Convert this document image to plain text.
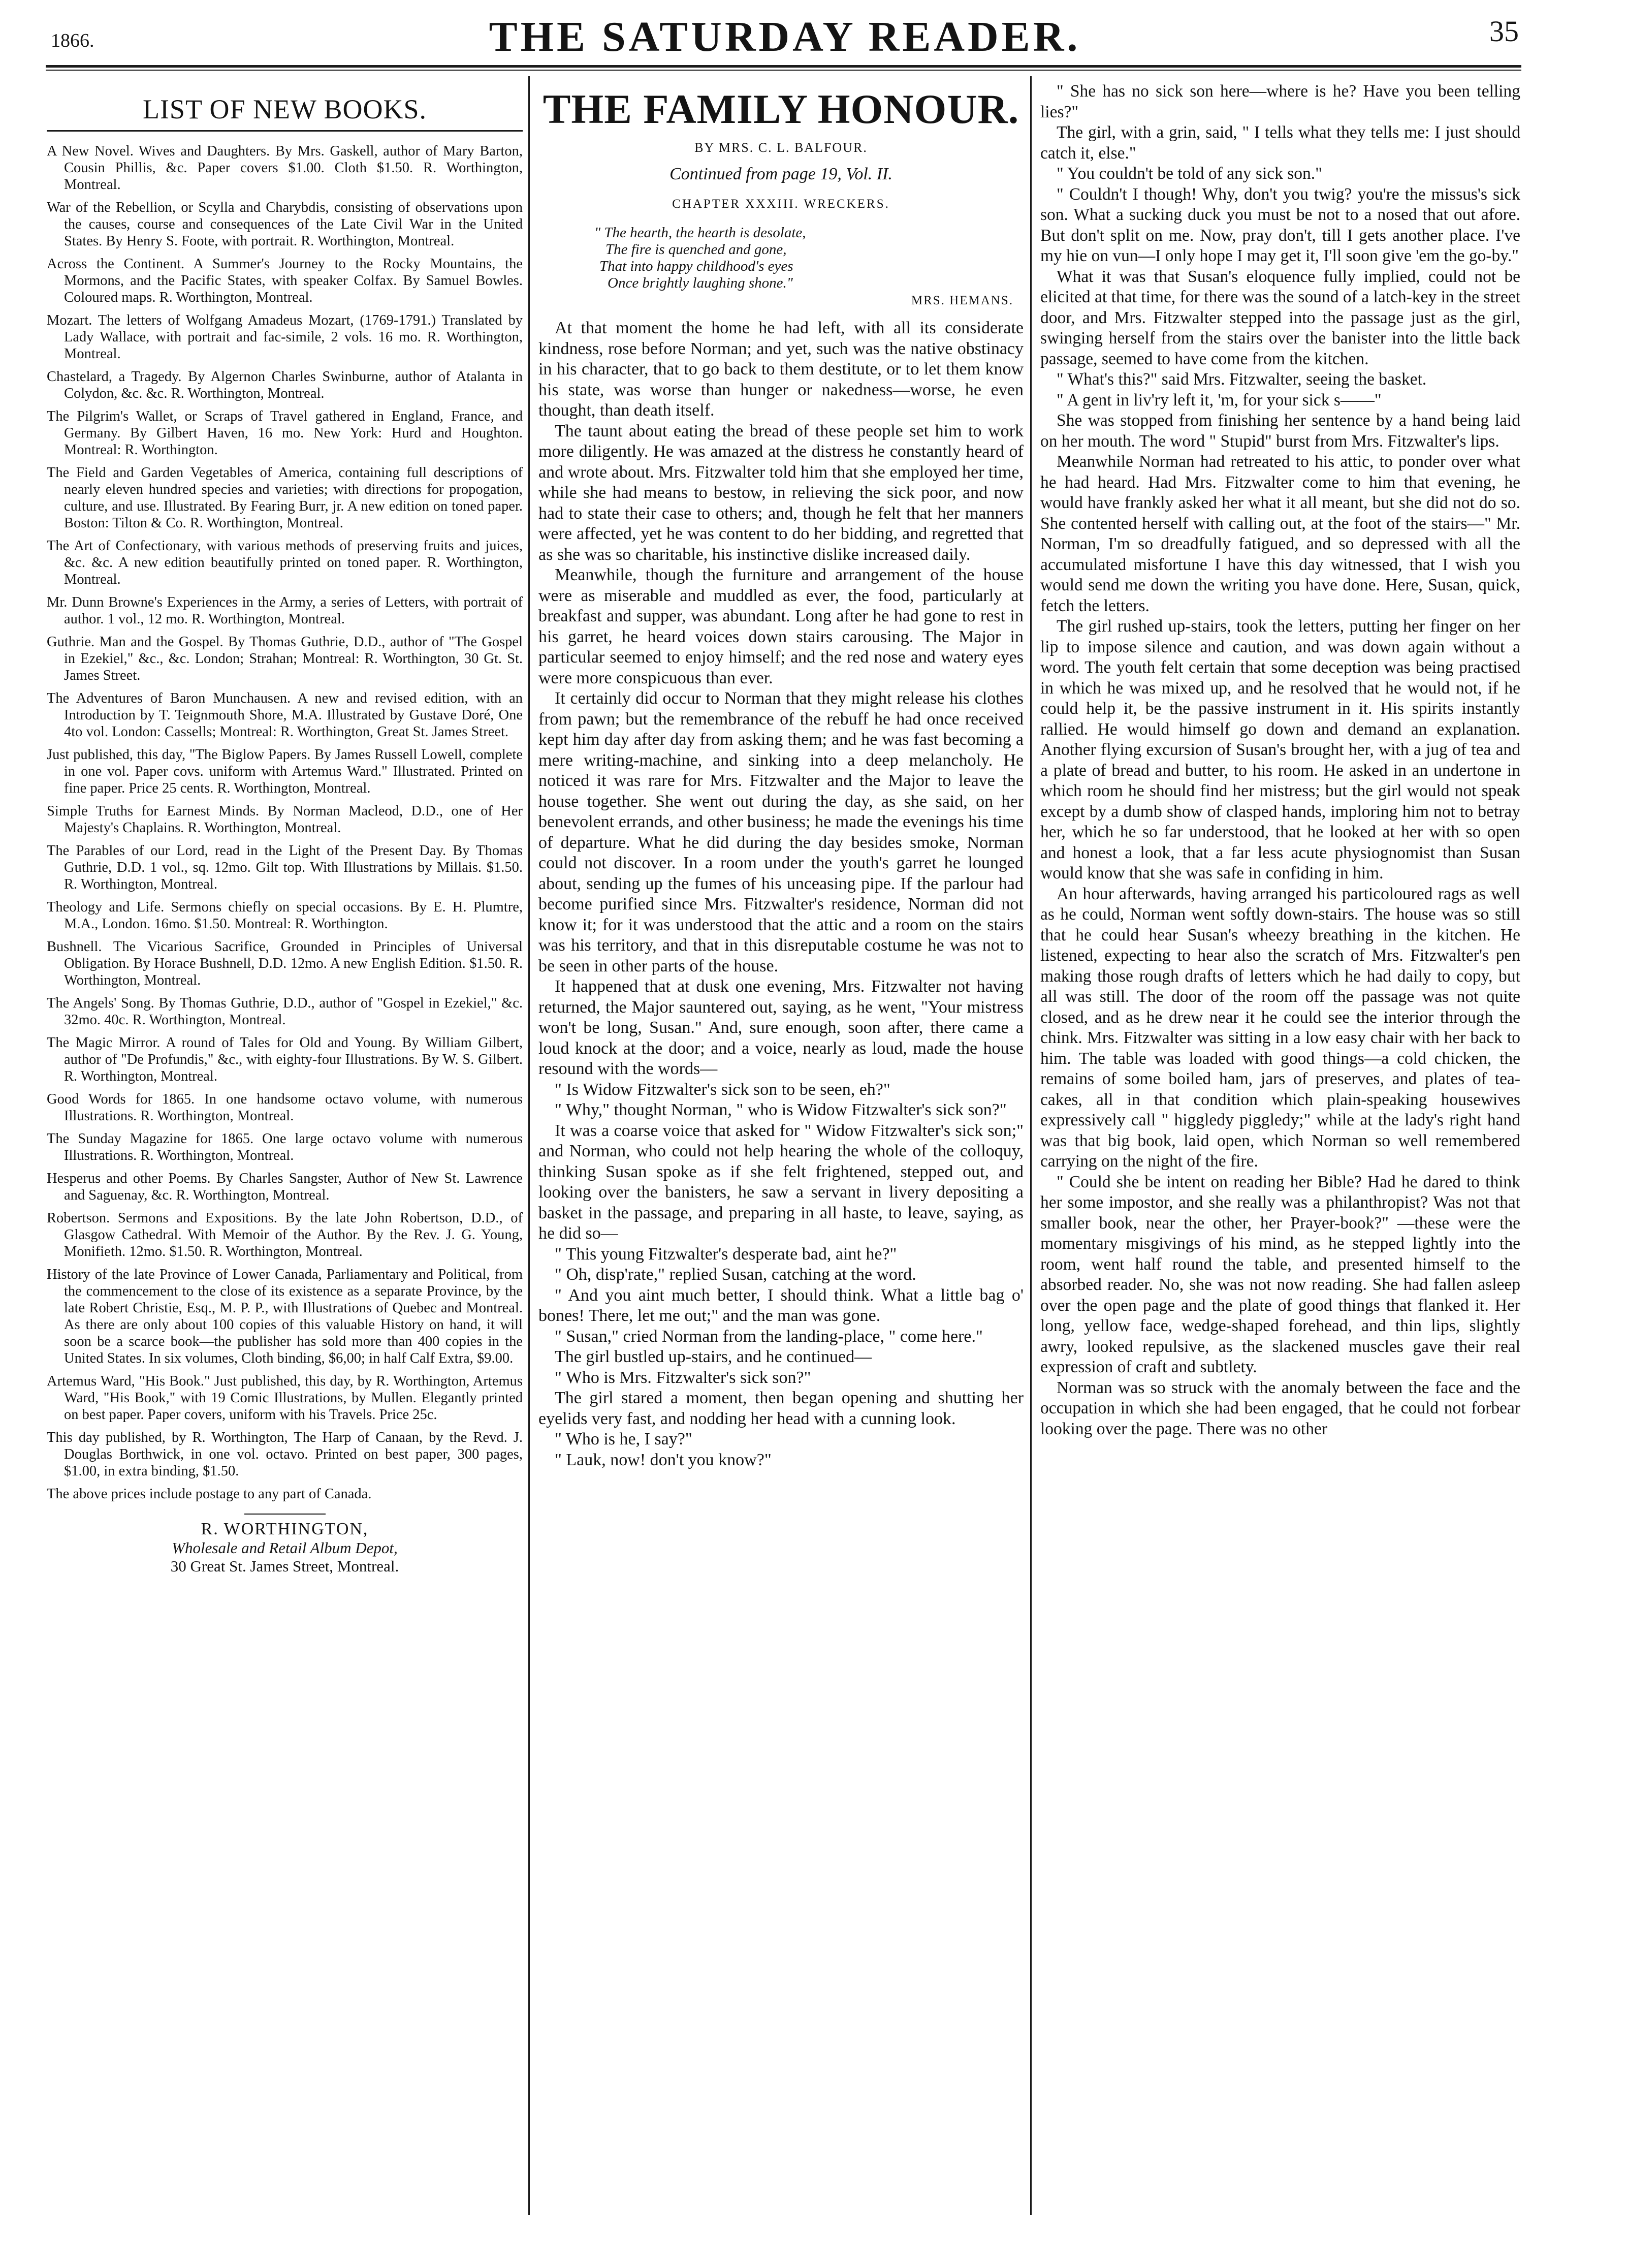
1866.	THE SATURDAY READER.	35
LIST OF NEW BOOKS.

A New Novel. Wives and Daughters. By Mrs. Gaskell, author of Mary Barton, Cousin Phillis, &c. Paper covers $1.00. Cloth $1.50. R. Worthington, Montreal.

War of the Rebellion, or Scylla and Charybdis, consisting of observations upon the causes, course and consequences of the Late Civil War in the United States. By Henry S. Foote, with portrait. R. Worthington, Montreal.

Across the Continent. A Summer's Journey to the Rocky Mountains, the Mormons, and the Pacific States, with speaker Colfax. By Samuel Bowles. Coloured maps. R. Worthington, Montreal.

Mozart. The letters of Wolfgang Amadeus Mozart, (1769-1791.) Translated by Lady Wallace, with portrait and fac-simile, 2 vols. 16 mo. R. Worthington, Montreal.

Chastelard, a Tragedy. By Algernon Charles Swinburne, author of Atalanta in Colydon, &c. &c. R. Worthington, Montreal.

The Pilgrim's Wallet, or Scraps of Travel gathered in England, France, and Germany. By Gilbert Haven, 16 mo. New York: Hurd and Houghton. Montreal: R. Worthington.

The Field and Garden Vegetables of America, containing full descriptions of nearly eleven hundred species and varieties; with directions for propogation, culture, and use. Illustrated. By Fearing Burr, jr. A new edition on toned paper. Boston: Tilton & Co. R. Worthington, Montreal.

The Art of Confectionary, with various methods of preserving fruits and juices, &c. &c. A new edition beautifully printed on toned paper. R. Worthington, Montreal.

Mr. Dunn Browne's Experiences in the Army, a series of Letters, with portrait of author. 1 vol., 12 mo. R. Worthington, Montreal.

Guthrie. Man and the Gospel. By Thomas Guthrie, D.D., author of "The Gospel in Ezekiel," &c., &c. London; Strahan; Montreal: R. Worthington, 30 Gt. St. James Street.

The Adventures of Baron Munchausen. A new and revised edition, with an Introduction by T. Teignmouth Shore, M.A. Illustrated by Gustave Doré, One 4to vol. London: Cassells; Montreal: R. Worthington, Great St. James Street.

Just published, this day, "The Biglow Papers. By James Russell Lowell, complete in one vol. Paper covs. uniform with Artemus Ward." Illustrated. Printed on fine paper. Price 25 cents. R. Worthington, Montreal.

Simple Truths for Earnest Minds. By Norman Macleod, D.D., one of Her Majesty's Chaplains. R. Worthington, Montreal.

The Parables of our Lord, read in the Light of the Present Day. By Thomas Guthrie, D.D. 1 vol., sq. 12mo. Gilt top. With Illustrations by Millais. $1.50. R. Worthington, Montreal.

Theology and Life. Sermons chiefly on special occasions. By E. H. Plumtre, M.A., London. 16mo. $1.50. Montreal: R. Worthington.

Bushnell. The Vicarious Sacrifice, Grounded in Principles of Universal Obligation. By Horace Bushnell, D.D. 12mo. A new English Edition. $1.50. R. Worthington, Montreal.

The Angels' Song. By Thomas Guthrie, D.D., author of "Gospel in Ezekiel," &c. 32mo. 40c. R. Worthington, Montreal.

The Magic Mirror. A round of Tales for Old and Young. By William Gilbert, author of "De Profundis," &c., with eighty-four Illustrations. By W. S. Gilbert. R. Worthington, Montreal.

Good Words for 1865. In one handsome octavo volume, with numerous Illustrations. R. Worthington, Montreal.

The Sunday Magazine for 1865. One large octavo volume with numerous Illustrations. R. Worthington, Montreal.

Hesperus and other Poems. By Charles Sangster, Author of New St. Lawrence and Saguenay, &c. R. Worthington, Montreal.

Robertson. Sermons and Expositions. By the late John Robertson, D.D., of Glasgow Cathedral. With Memoir of the Author. By the Rev. J. G. Young, Monifieth. 12mo. $1.50. R. Worthington, Montreal.

History of the late Province of Lower Canada, Parliamentary and Political, from the commencement to the close of its existence as a separate Province, by the late Robert Christie, Esq., M. P. P., with Illustrations of Quebec and Montreal. As there are only about 100 copies of this valuable History on hand, it will soon be a scarce book—the publisher has sold more than 400 copies in the United States. In six volumes, Cloth binding, $6,00; in half Calf Extra, $9.00.

Artemus Ward, "His Book." Just published, this day, by R. Worthington, Artemus Ward, "His Book," with 19 Comic Illustrations, by Mullen. Elegantly printed on best paper. Paper covers, uniform with his Travels. Price 25c.

This day published, by R. Worthington, The Harp of Canaan, by the Revd. J. Douglas Borthwick, in one vol. octavo. Printed on best paper, 300 pages, $1.00, in extra binding, $1.50.

The above prices include postage to any part of Canada.

R. WORTHINGTON,
Wholesale and Retail Album Depot,
30 Great St. James Street, Montreal.
THE FAMILY HONOUR.
BY MRS. C. L. BALFOUR.
Continued from page 19, Vol. II.
CHAPTER XXXIII. WRECKERS.

" The hearth, the hearth is desolate,

The fire is quenched and gone,

That into happy childhood's eyes

Once brightly laughing shone."

MRS. HEMANS.

At that moment the home he had left, with all its considerate kindness, rose before Norman; and yet, such was the native obstinacy in his character, that to go back to them destitute, or to let them know his state, was worse than hunger or nakedness—worse, he even thought, than death itself.

The taunt about eating the bread of these people set him to work more diligently. He was amazed at the distress he constantly heard of and wrote about. Mrs. Fitzwalter told him that she employed her time, while she had means to bestow, in relieving the sick poor, and now had to state their case to others; and, though he felt that her manners were affected, yet he was content to do her bidding, and regretted that as she was so charitable, his instinctive dislike increased daily.

Meanwhile, though the furniture and arrangement of the house were as miserable and muddled as ever, the food, particularly at breakfast and supper, was abundant. Long after he had gone to rest in his garret, he heard voices down stairs carousing. The Major in particular seemed to enjoy himself; and the red nose and watery eyes were more conspicuous than ever.

It certainly did occur to Norman that they might release his clothes from pawn; but the remembrance of the rebuff he had once received kept him day after day from asking them; and he was fast becoming a mere writing-machine, and sinking into a deep melancholy. He noticed it was rare for Mrs. Fitzwalter and the Major to leave the house together. She went out during the day, as she said, on her benevolent errands, and other business; he made the evenings his time of departure. What he did during the day besides smoke, Norman could not discover. In a room under the youth's garret he lounged about, sending up the fumes of his unceasing pipe. If the parlour had become purified since Mrs. Fitzwalter's residence, Norman did not know it; for it was understood that the attic and a room on the stairs was his territory, and that in this disreputable costume he was not to be seen in other parts of the house.

It happened that at dusk one evening, Mrs. Fitzwalter not having returned, the Major sauntered out, saying, as he went, "Your mistress won't be long, Susan." And, sure enough, soon after, there came a loud knock at the door; and a voice, nearly as loud, made the house resound with the words—

" Is Widow Fitzwalter's sick son to be seen, eh?"

" Why," thought Norman, " who is Widow Fitzwalter's sick son?"

It was a coarse voice that asked for " Widow Fitzwalter's sick son;" and Norman, who could not help hearing the whole of the colloquy, thinking Susan spoke as if she felt frightened, stepped out, and looking over the banisters, he saw a servant in livery depositing a basket in the passage, and preparing in all haste, to leave, saying, as he did so—

" This young Fitzwalter's desperate bad, aint he?"

" Oh, disp'rate," replied Susan, catching at the word.

" And you aint much better, I should think. What a little bag o' bones! There, let me out;" and the man was gone.

" Susan," cried Norman from the landing-place, " come here."

The girl bustled up-stairs, and he continued—

" Who is Mrs. Fitzwalter's sick son?"

The girl stared a moment, then began opening and shutting her eyelids very fast, and nodding her head with a cunning look.

" Who is he, I say?"

" Lauk, now! don't you know?"

" She has no sick son here—where is he? Have you been telling lies?"

The girl, with a grin, said, " I tells what they tells me: I just should catch it, else."

" You couldn't be told of any sick son."

" Couldn't I though! Why, don't you twig? you're the missus's sick son. What a sucking duck you must be not to a nosed that out afore. But don't split on me. Now, pray don't, till I gets another place. I've my hie on vun—I only hope I may get it, I'll soon give 'em the go-by."

What it was that Susan's eloquence fully implied, could not be elicited at that time, for there was the sound of a latch-key in the street door, and Mrs. Fitzwalter stepped into the passage just as the girl, swinging herself from the stairs over the banister into the little back passage, seemed to have come from the kitchen.

" What's this?" said Mrs. Fitzwalter, seeing the basket.

" A gent in liv'ry left it, 'm, for your sick s——"

She was stopped from finishing her sentence by a hand being laid on her mouth. The word " Stupid" burst from Mrs. Fitzwalter's lips.

Meanwhile Norman had retreated to his attic, to ponder over what he had heard. Had Mrs. Fitzwalter come to him that evening, he would have frankly asked her what it all meant, but she did not do so. She contented herself with calling out, at the foot of the stairs—" Mr. Norman, I'm so dreadfully fatigued, and so depressed with all the accumulated misfortune I have this day witnessed, that I wish you would send me down the writing you have done. Here, Susan, quick, fetch the letters.

The girl rushed up-stairs, took the letters, putting her finger on her lip to impose silence and caution, and was down again without a word. The youth felt certain that some deception was being practised in which he was mixed up, and he resolved that he would not, if he could help it, be the passive instrument in it. His spirits instantly rallied. He would himself go down and demand an explanation. Another flying excursion of Susan's brought her, with a jug of tea and a plate of bread and butter, to his room. He asked in an undertone in which room he should find her mistress; but the girl would not speak except by a dumb show of clasped hands, imploring him not to betray her, which he so far understood, that he looked at her with so open and honest a look, that a far less acute physiognomist than Susan would know that she was safe in confiding in him.

An hour afterwards, having arranged his particoloured rags as well as he could, Norman went softly down-stairs. The house was so still that he could hear Susan's wheezy breathing in the kitchen. He listened, expecting to hear also the scratch of Mrs. Fitzwalter's pen making those rough drafts of letters which he had daily to copy, but all was still. The door of the room off the passage was not quite closed, and as he drew near it he could see the interior through the chink. Mrs. Fitzwalter was sitting in a low easy chair with her back to him. The table was loaded with good things—a cold chicken, the remains of some boiled ham, jars of preserves, and plates of tea-cakes, all in that condition which plain-speaking housewives expressively call " higgledy piggledy;" while at the lady's right hand was that big book, laid open, which Norman so well remembered carrying on the night of the fire.

" Could she be intent on reading her Bible? Had he dared to think her some impostor, and she really was a philanthropist? Was not that smaller book, near the other, her Prayer-book?" —these were the momentary misgivings of his mind, as he stepped lightly into the room, went half round the table, and presented himself to the absorbed reader. No, she was not now reading. She had fallen asleep over the open page and the plate of good things that flanked it. Her long, yellow face, wedge-shaped forehead, and thin lips, slightly awry, looked repulsive, as the slackened muscles gave their real expression of craft and subtlety.

Norman was so struck with the anomaly between the face and the occupation in which she had been engaged, that he could not forbear looking over the page. There was no other
